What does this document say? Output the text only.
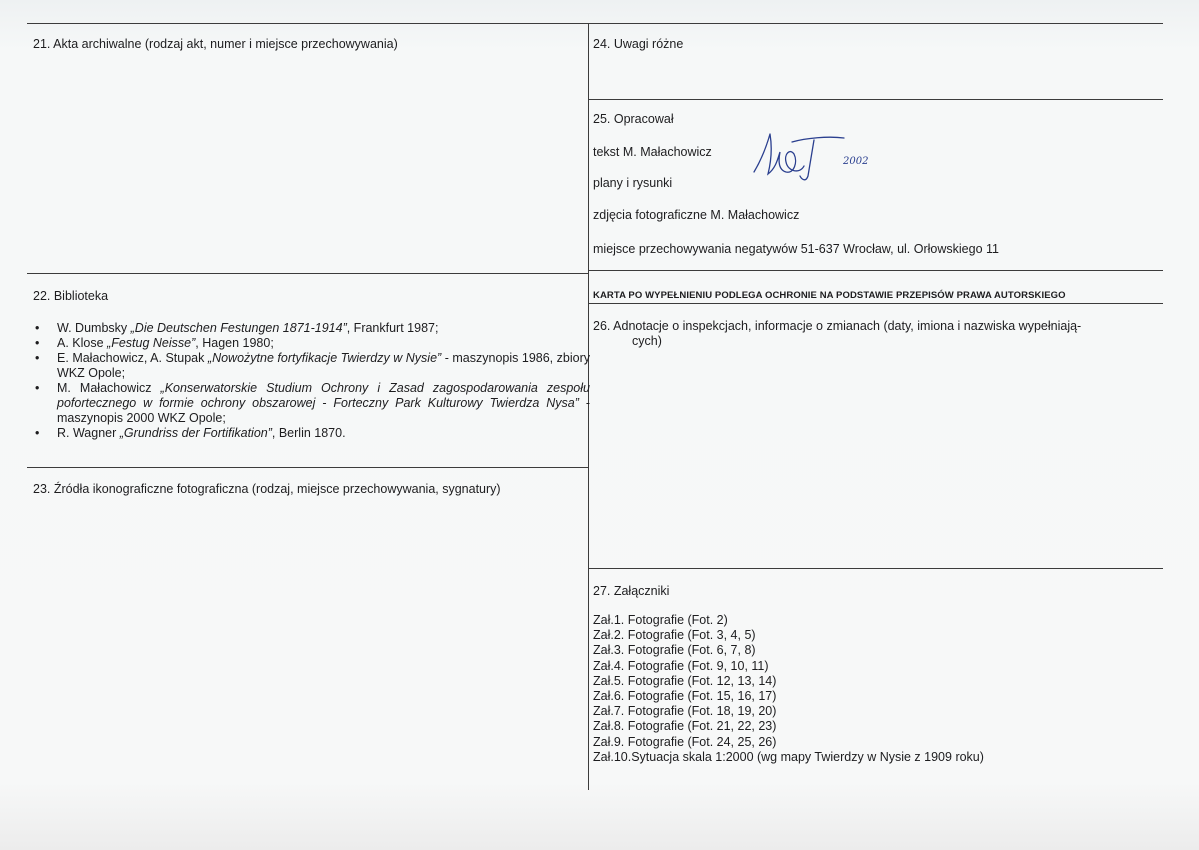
21. Akta archiwalne (rodzaj akt, numer i miejsce przechowywania)
22. Biblioteka
• W. Dumbsky „Die Deutschen Festungen 1871-1914”, Frankfurt 1987;
• A. Klose „Festug Neisse”, Hagen 1980;
• E. Małachowicz, A. Stupak „Nowożytne fortyfikacje Twierdzy w Nysie” - maszynopis 1986, zbiory WKZ Opole;
• M. Małachowicz „Konserwatorskie Studium Ochrony i Zasad zagospodarowania zespołu pofortecznego w formie ochrony obszarowej - Forteczny Park Kulturowy Twierdza Nysa” - maszynopis 2000 WKZ Opole;
• R. Wagner „Grundriss der Fortifikation”, Berlin 1870.
23. Źródła ikonograficzne fotograficzna (rodzaj, miejsce przechowywania, sygnatury)
24. Uwagi różne
25. Opracował
tekst M. Małachowicz
plany i rysunki
zdjęcia fotograficzne M. Małachowicz
miejsce przechowywania negatywów 51-637 Wrocław, ul. Orłowskiego 11
2002
KARTA PO WYPEŁNIENIU PODLEGA OCHRONIE NA PODSTAWIE PRZEPISÓW PRAWA AUTORSKIEGO
26. Adnotacje o inspekcjach, informacje o zmianach (daty, imiona i nazwiska wypełniają-
cych)
27. Załączniki
Zał.1. Fotografie (Fot. 2)
Zał.2. Fotografie (Fot. 3, 4, 5)
Zał.3. Fotografie (Fot. 6, 7, 8)
Zał.4. Fotografie (Fot. 9, 10, 11)
Zał.5. Fotografie (Fot. 12, 13, 14)
Zał.6. Fotografie (Fot. 15, 16, 17)
Zał.7. Fotografie (Fot. 18, 19, 20)
Zał.8. Fotografie (Fot. 21, 22, 23)
Zał.9. Fotografie (Fot. 24, 25, 26)
Zał.10.Sytuacja skala 1:2000 (wg mapy Twierdzy w Nysie z 1909 roku)
